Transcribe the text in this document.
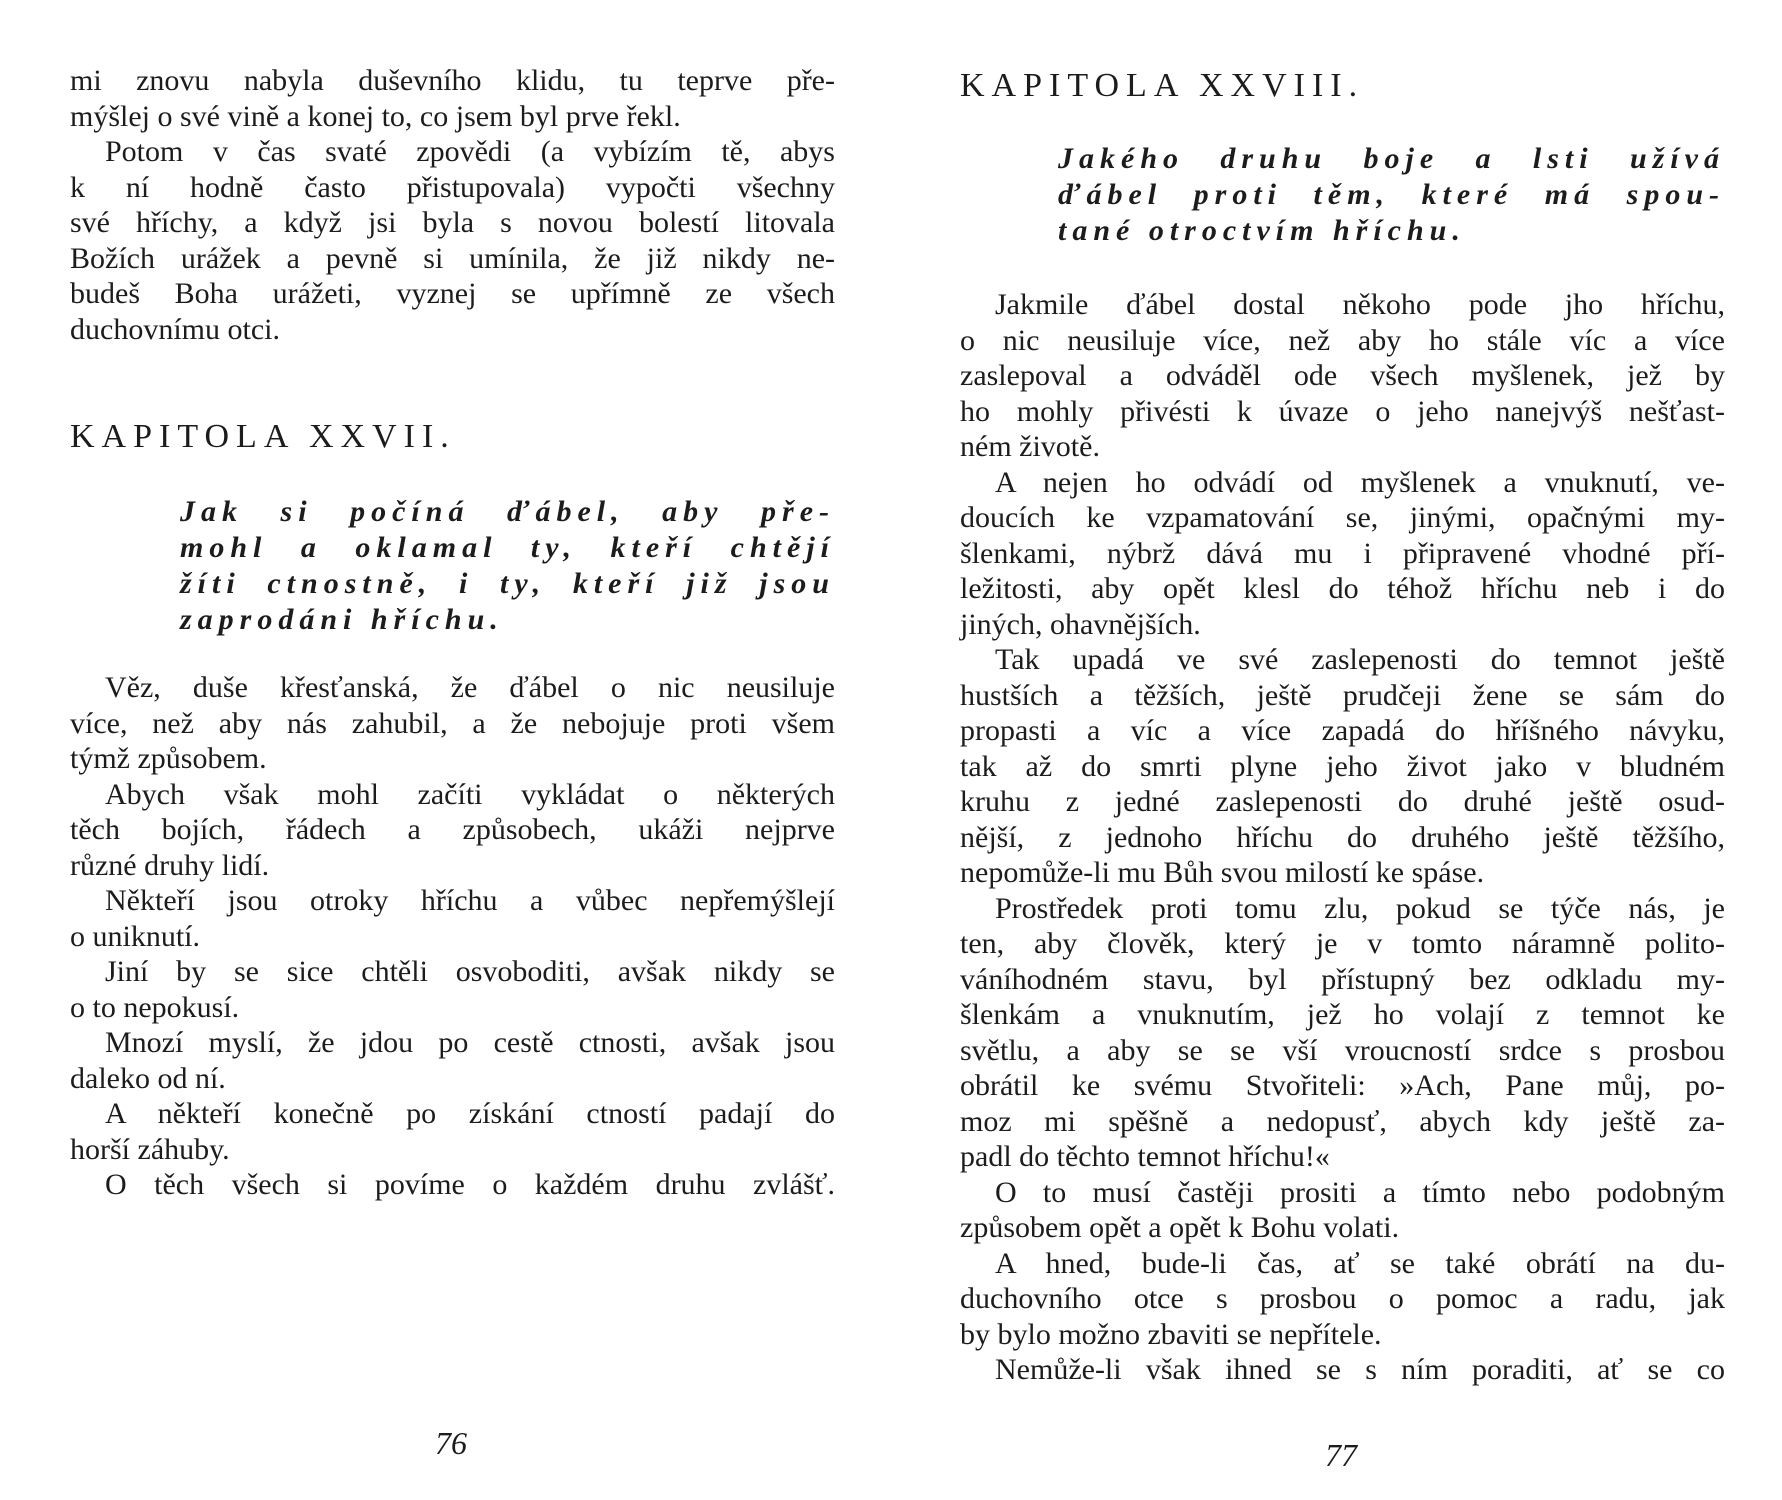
mi znovu nabyla duševního klidu, tu teprve pře-
mýšlej o své vině a konej to, co jsem byl prve řekl.
Potom v čas svaté zpovědi (a vybízím tě, abys
k ní hodně často přistupovala) vypočti všechny
své hříchy, a když jsi byla s novou bolestí litovala
Božích urážek a pevně si umínila, že již nikdy ne-
budeš Boha urážeti, vyznej se upřímně ze všech
duchovnímu otci.
KAPITOLA XXVII.
Jak si počíná ďábel, aby pře-
mohl a oklamal ty, kteří chtějí
žíti ctnostně, i ty, kteří již jsou
zaprodáni hříchu.
Věz, duše křesťanská, že ďábel o nic neusiluje
více, než aby nás zahubil, a že nebojuje proti všem
týmž způsobem.
Abych však mohl začíti vykládat o některých
těch bojích, řádech a způsobech, ukáži nejprve
různé druhy lidí.
Někteří jsou otroky hříchu a vůbec nepřemýšlejí
o uniknutí.
Jiní by se sice chtěli osvoboditi, avšak nikdy se
o to nepokusí.
Mnozí myslí, že jdou po cestě ctnosti, avšak jsou
daleko od ní.
A někteří konečně po získání ctností padají do
horší záhuby.
O těch všech si povíme o každém druhu zvlášť.
76
KAPITOLA XXVIII.
Jakého druhu boje a lsti užívá
ďábel proti těm, které má spou-
tané otroctvím hříchu.
Jakmile ďábel dostal někoho pode jho hříchu,
o nic neusiluje více, než aby ho stále víc a více
zaslepoval a odváděl ode všech myšlenek, jež by
ho mohly přivésti k úvaze o jeho nanejvýš nešťast-
ném životě.
A nejen ho odvádí od myšlenek a vnuknutí, ve-
doucích ke vzpamatování se, jinými, opačnými my-
šlenkami, nýbrž dává mu i připravené vhodné pří-
ležitosti, aby opět klesl do téhož hříchu neb i do
jiných, ohavnějších.
Tak upadá ve své zaslepenosti do temnot ještě
hustších a těžších, ještě prudčeji žene se sám do
propasti a víc a více zapadá do hříšného návyku,
tak až do smrti plyne jeho život jako v bludném
kruhu z jedné zaslepenosti do druhé ještě osud-
nější, z jednoho hříchu do druhého ještě těžšího,
nepomůže-li mu Bůh svou milostí ke spáse.
Prostředek proti tomu zlu, pokud se týče nás, je
ten, aby člověk, který je v tomto náramně polito-
váníhodném stavu, byl přístupný bez odkladu my-
šlenkám a vnuknutím, jež ho volají z temnot ke
světlu, a aby se se vší vroucností srdce s prosbou
obrátil ke svému Stvořiteli: »Ach, Pane můj, po-
moz mi spěšně a nedopusť, abych kdy ještě za-
padl do těchto temnot hříchu!«
O to musí častěji prositi a tímto nebo podobným
způsobem opět a opět k Bohu volati.
A hned, bude-li čas, ať se také obrátí na du-
duchovního otce s prosbou o pomoc a radu, jak
by bylo možno zbaviti se nepřítele.
Nemůže-li však ihned se s ním poraditi, ať se co
77
